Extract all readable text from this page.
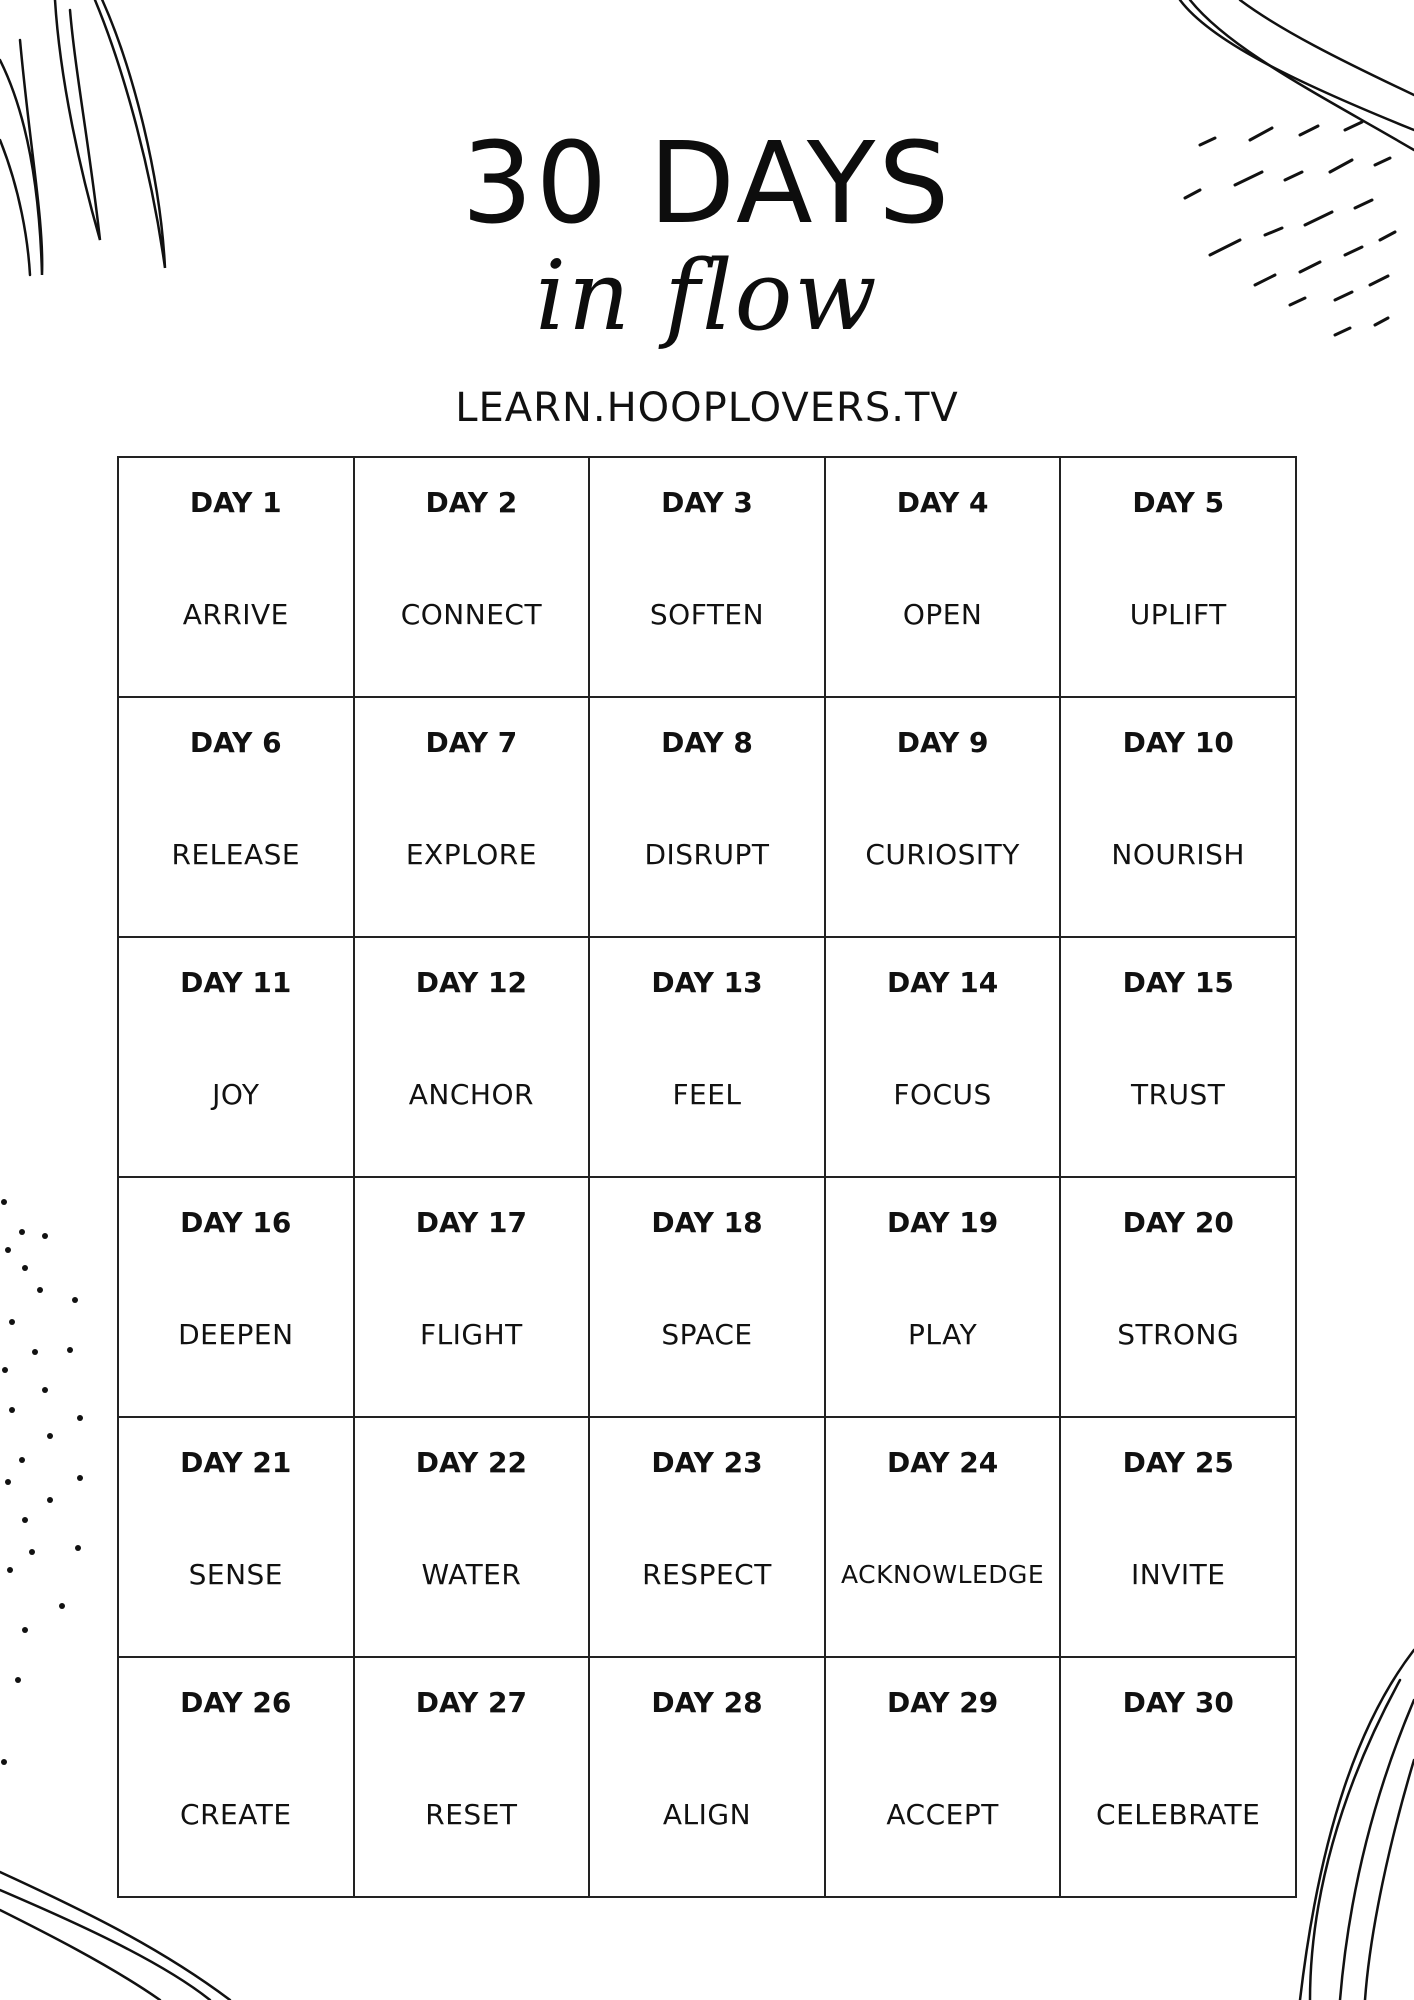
30 DAYS
in flow
LEARN.HOOPLOVERS.TV
DAY 1
ARRIVE
DAY 2
CONNECT
DAY 3
SOFTEN
DAY 4
OPEN
DAY 5
UPLIFT
DAY 6
RELEASE
DAY 7
EXPLORE
DAY 8
DISRUPT
DAY 9
CURIOSITY
DAY 10
NOURISH
DAY 11
JOY
DAY 12
ANCHOR
DAY 13
FEEL
DAY 14
FOCUS
DAY 15
TRUST
DAY 16
DEEPEN
DAY 17
FLIGHT
DAY 18
SPACE
DAY 19
PLAY
DAY 20
STRONG
DAY 21
SENSE
DAY 22
WATER
DAY 23
RESPECT
DAY 24
ACKNOWLEDGE
DAY 25
INVITE
DAY 26
CREATE
DAY 27
RESET
DAY 28
ALIGN
DAY 29
ACCEPT
DAY 30
CELEBRATE
